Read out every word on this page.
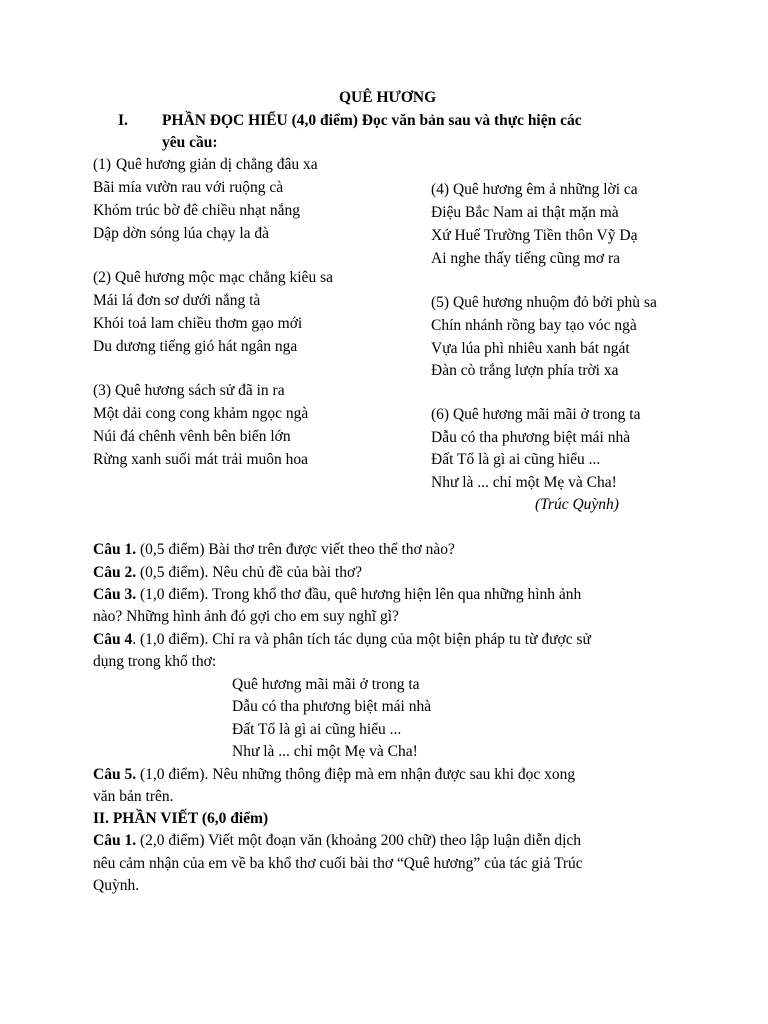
QUÊ HƯƠNG
I. PHẦN ĐỌC HIỂU (4,0 điểm) Đọc văn bản sau và thực hiện các
yêu cầu:
(1) Quê hương giản dị chẳng đâu xa
Bãi mía vườn rau với ruộng cà
Khóm trúc bờ đê chiều nhạt nắng
Dập dờn sóng lúa chạy la đà
(2) Quê hương mộc mạc chẳng kiêu sa
Mái lá đơn sơ dưới nắng tà
Khói toả lam chiều thơm gạo mới
Du dương tiếng gió hát ngân nga
(3) Quê hương sách sử đã in ra
Một dải cong cong khảm ngọc ngà
Núi đá chênh vênh bên biển lớn
Rừng xanh suối mát trải muôn hoa
(4) Quê hương êm ả những lời ca
Điệu Bắc Nam ai thật mặn mà
Xứ Huế Trường Tiền thôn Vỹ Dạ
Ai nghe thấy tiếng cũng mơ ra
(5) Quê hương nhuộm đỏ bởi phù sa
Chín nhánh rồng bay tạo vóc ngà
Vựa lúa phì nhiêu xanh bát ngát
Đàn cò trắng lượn phía trời xa
(6) Quê hương mãi mãi ở trong ta
Dẫu có tha phương biệt mái nhà
Đất Tổ là gì ai cũng hiểu ...
Như là ... chỉ một Mẹ và Cha!
(Trúc Quỳnh)
Câu 1. (0,5 điểm) Bài thơ trên được viết theo thể thơ nào?
Câu 2. (0,5 điểm). Nêu chủ đề của bài thơ?
Câu 3. (1,0 điểm). Trong khổ thơ đầu, quê hương hiện lên qua những hình ảnh
nào? Những hình ảnh đó gợi cho em suy nghĩ gì?
Câu 4. (1,0 điểm). Chỉ ra và phân tích tác dụng của một biện pháp tu từ được sử
dụng trong khổ thơ:
Quê hương mãi mãi ở trong ta
Dẫu có tha phương biệt mái nhà
Đất Tổ là gì ai cũng hiểu ...
Như là ... chỉ một Mẹ và Cha!
Câu 5. (1,0 điểm). Nêu những thông điệp mà em nhận được sau khi đọc xong
văn bản trên.
II. PHẦN VIẾT (6,0 điểm)
Câu 1. (2,0 điểm) Viết một đoạn văn (khoảng 200 chữ) theo lập luận diễn dịch
nêu cảm nhận của em về ba khổ thơ cuối bài thơ “Quê hương” của tác giả Trúc
Quỳnh.
